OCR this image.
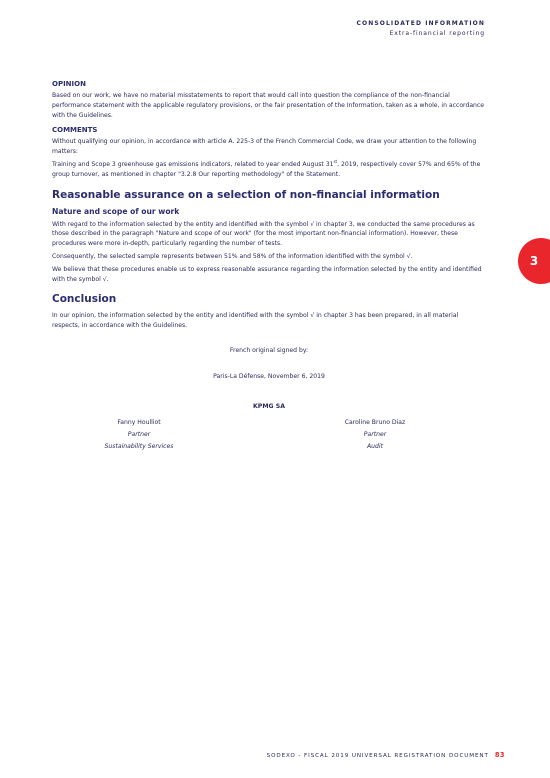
CONSOLIDATED INFORMATION
Extra-financial reporting
OPINION

Based on our work, we have no material misstatements to report that would call into question the compliance of the non-financial performance statement with the applicable regulatory provisions, or the fair presentation of the Information, taken as a whole, in accordance with the Guidelines.

COMMENTS

Without qualifying our opinion, in accordance with article A. 225-3 of the French Commercial Code, we draw your attention to the following matters:

Training and Scope 3 greenhouse gas emissions indicators, related to year ended August 31st, 2019, respectively cover 57% and 65% of the group turnover, as mentioned in chapter "3.2.8 Our reporting methodology" of the Statement.

Reasonable assurance on a selection of non-financial information
Nature and scope of our work

With regard to the information selected by the entity and identified with the symbol √ in chapter 3, we conducted the same procedures as those described in the paragraph "Nature and scope of our work" (for the most important non-financial information). However, these procedures were more in-depth, particularly regarding the number of tests.

Consequently, the selected sample represents between 51% and 58% of the information identified with the symbol √.

We believe that these procedures enable us to express reasonable assurance regarding the information selected by the entity and identified with the symbol √.

Conclusion

In our opinion, the information selected by the entity and identified with the symbol √ in chapter 3 has been prepared, in all material respects, in accordance with the Guidelines.

French original signed by:
Paris-La Défense, November 6, 2019
KPMG SA
Fanny Houlliot
Partner
Sustainability Services
Caroline Bruno Diaz
Partner
Audit
3
SODEXO - FISCAL 2019 UNIVERSAL REGISTRATION DOCUMENT 83
